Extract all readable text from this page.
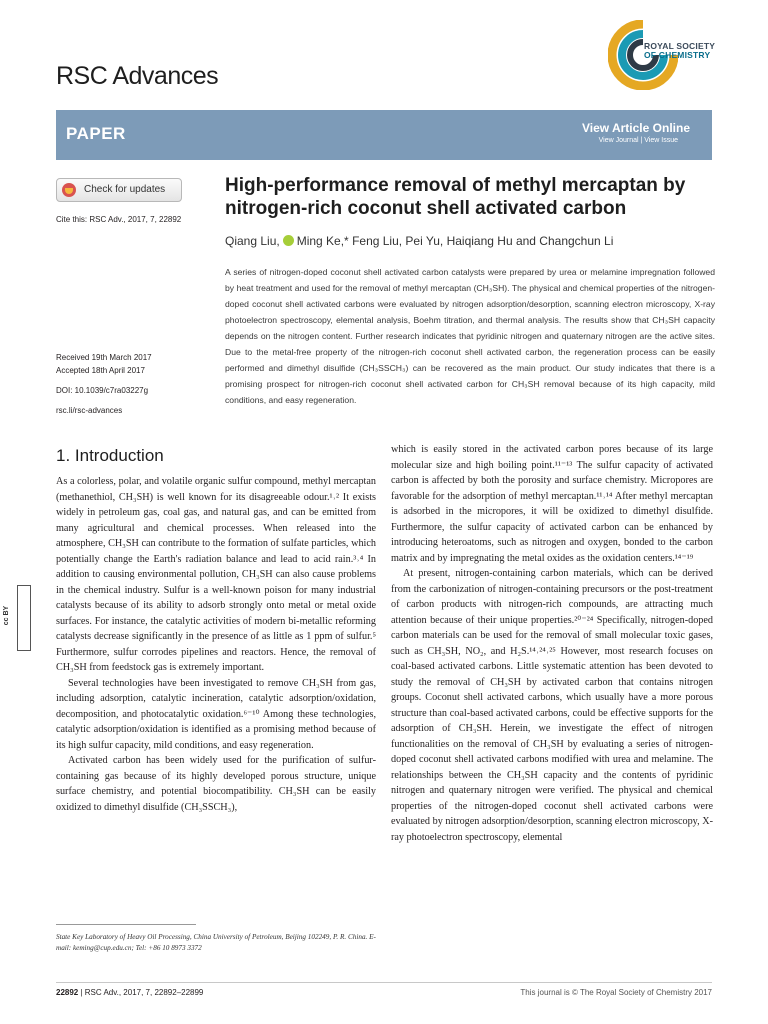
ROYAL SOCIETY
OF CHEMISTRY
RSC Advances
PAPER	View Article Online
View Journal | View Issue
Check for updates
Cite this: RSC Adv., 2017, 7, 22892
Received 19th March 2017
Accepted 18th April 2017
DOI: 10.1039/c7ra03227g
rsc.li/rsc-advances
High-performance removal of methyl mercaptan by nitrogen-rich coconut shell activated carbon
Qiang Liu, Ming Ke,* Feng Liu, Pei Yu, Haiqiang Hu and Changchun Li
A series of nitrogen-doped coconut shell activated carbon catalysts were prepared by urea or melamine impregnation followed by heat treatment and used for the removal of methyl mercaptan (CH₃SH). The physical and chemical properties of the nitrogen-doped coconut shell activated carbons were evaluated by nitrogen adsorption/desorption, scanning electron microscopy, X-ray photoelectron spectroscopy, elemental analysis, Boehm titration, and thermal analysis. The results show that CH₃SH capacity depends on the nitrogen content. Further research indicates that pyridinic nitrogen and quaternary nitrogen are the active sites. Due to the metal-free property of the nitrogen-rich coconut shell activated carbon, the regeneration process can be easily performed and dimethyl disulfide (CH₃SSCH₃) can be recovered as the main product. Our study indicates that there is a promising prospect for nitrogen-rich coconut shell activated carbon for CH₃SH removal because of its high capacity, mild conditions, and easy regeneration.
cc BY
1. Introduction

As a colorless, polar, and volatile organic sulfur compound, methyl mercaptan (methanethiol, CH₃SH) is well known for its disagreeable odour.¹˒² It exists widely in petroleum gas, coal gas, and natural gas, and can be emitted from many agricultural and chemical processes. When released into the atmosphere, CH₃SH can contribute to the formation of sulfate particles, which potentially change the Earth's radiation balance and lead to acid rain.³˒⁴ In addition to causing environmental pollution, CH₃SH can also cause problems in the chemical industry. Sulfur is a well-known poison for many industrial catalysts because of its ability to adsorb strongly onto metal or metal oxide surfaces. For instance, the catalytic activities of modern bi-metallic reforming catalysts decrease significantly in the presence of as little as 1 ppm of sulfur.⁵ Furthermore, sulfur corrodes pipelines and reactors. Hence, the removal of CH₃SH from feedstock gas is extremely important.

Several technologies have been investigated to remove CH₃SH from gas, including adsorption, catalytic incineration, catalytic adsorption/oxidation, decomposition, and photocatalytic oxidation.⁶⁻¹⁰ Among these technologies, catalytic adsorption/oxidation is identified as a promising method because of its high sulfur capacity, mild conditions, and easy regeneration.

Activated carbon has been widely used for the purification of sulfur-containing gas because of its highly developed porous structure, unique surface chemistry, and potential biocompatibility. CH₃SH can be easily oxidized to dimethyl disulfide (CH₃SSCH₃),

which is easily stored in the activated carbon pores because of its large molecular size and high boiling point.¹¹⁻¹³ The sulfur capacity of activated carbon is affected by both the porosity and surface chemistry. Micropores are favorable for the adsorption of methyl mercaptan.¹¹˒¹⁴ After methyl mercaptan is adsorbed in the micropores, it will be oxidized to dimethyl disulfide. Furthermore, the sulfur capacity of activated carbon can be enhanced by introducing heteroatoms, such as nitrogen and oxygen, bonded to the carbon matrix and by impregnating the metal oxides as the oxidation centers.¹⁴⁻¹⁹

At present, nitrogen-containing carbon materials, which can be derived from the carbonization of nitrogen-containing precursors or the post-treatment of carbon products with nitrogen-rich compounds, are attracting much attention because of their unique properties.²⁰⁻²⁴ Specifically, nitrogen-doped carbon materials can be used for the removal of small molecular toxic gases, such as CH₃SH, NO₂, and H₂S.¹⁴˒²⁴˒²⁵ However, most research focuses on coal-based activated carbons. Little systematic attention has been devoted to study the removal of CH₃SH by activated carbon that contains nitrogen groups. Coconut shell activated carbons, which usually have a more porous structure than coal-based activated carbons, could be effective supports for the adsorption of CH₃SH. Herein, we investigate the effect of nitrogen functionalities on the removal of CH₃SH by evaluating a series of nitrogen-doped coconut shell activated carbons modified with urea and melamine. The relationships between the CH₃SH capacity and the contents of pyridinic nitrogen and quaternary nitrogen were verified. The physical and chemical properties of the nitrogen-doped coconut shell activated carbons were evaluated by nitrogen adsorption/desorption, scanning electron microscopy, X-ray photoelectron spectroscopy, elemental

State Key Laboratory of Heavy Oil Processing, China University of Petroleum, Beijing 102249, P. R. China. E-mail: keming@cup.edu.cn; Tel: +86 10 8973 3372
22892 | RSC Adv., 2017, 7, 22892–22899	This journal is © The Royal Society of Chemistry 2017
